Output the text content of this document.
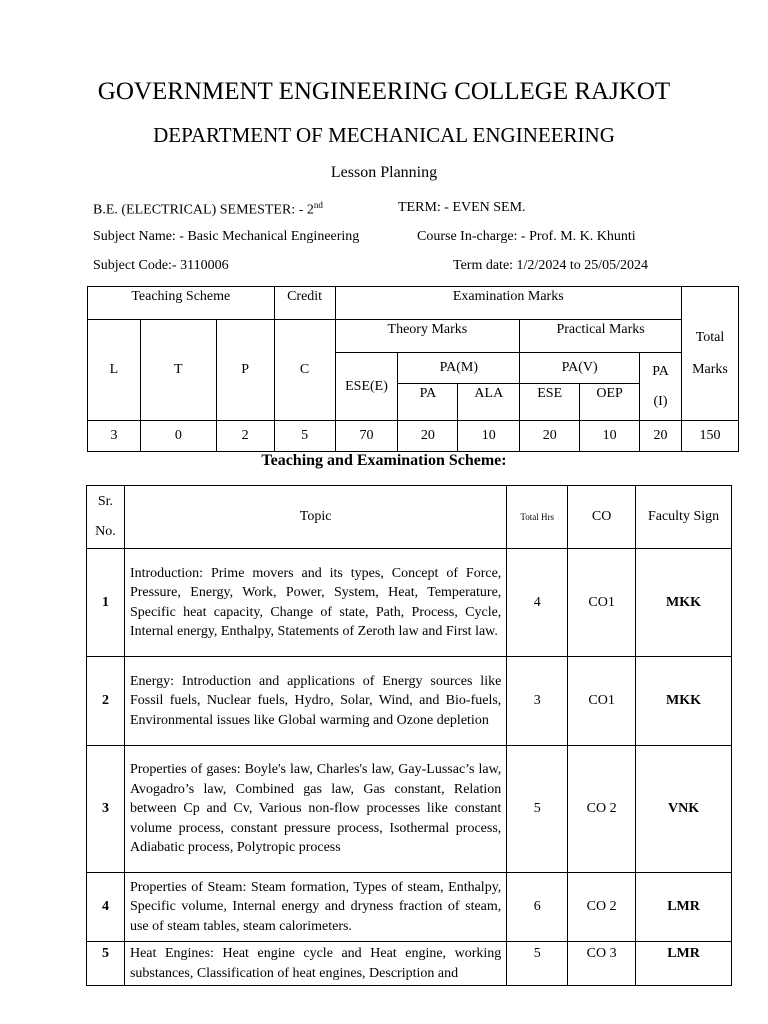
GOVERNMENT ENGINEERING COLLEGE RAJKOT
DEPARTMENT OF MECHANICAL ENGINEERING
Lesson Planning
B.E. (ELECTRICAL) SEMESTER: - 2nd	TERM: - EVEN SEM.
Subject Name: - Basic Mechanical Engineering	Course In-charge: - Prof. M. K. Khunti
Subject Code:- 3110006	Term date: 1/2/2024 to 25/05/2024
Teaching Scheme			Credit	Examination Marks						Total
Marks

L	T	P	C	Theory Marks			Practical Marks			
				ESE(E)	PA(M)		PA(V)		PA
(I)	

					PA	ALA	ESE	OEP		
3	0	2	5	70	20	10	20	10	20	150
Teaching and Examination Scheme:
Sr.
No.	Topic	Total Hrs	CO	Faculty Sign
1	Introduction: Prime movers and its types, Concept of Force, Pressure, Energy, Work, Power, System, Heat, Temperature, Specific heat capacity, Change of state, Path, Process, Cycle, Internal energy, Enthalpy, Statements of Zeroth law and First law.	4	CO1	MKK
2	Energy: Introduction and applications of Energy sources like Fossil fuels, Nuclear fuels, Hydro, Solar, Wind, and Bio-fuels, Environmental issues like Global warming and Ozone depletion	3	CO1	MKK
3	Properties of gases: Boyle's law, Charles's law, Gay-Lussac’s law, Avogadro’s law, Combined gas law, Gas constant, Relation between Cp and Cv, Various non-flow processes like constant volume process, constant pressure process, Isothermal process, Adiabatic process, Polytropic process	5	CO 2	VNK
4	Properties of Steam: Steam formation, Types of steam, Enthalpy, Specific volume, Internal energy and dryness fraction of steam, use of steam tables, steam calorimeters.	6	CO 2	LMR
5	Heat Engines: Heat engine cycle and Heat engine, working substances, Classification of heat engines, Description and	5	CO 3	LMR
